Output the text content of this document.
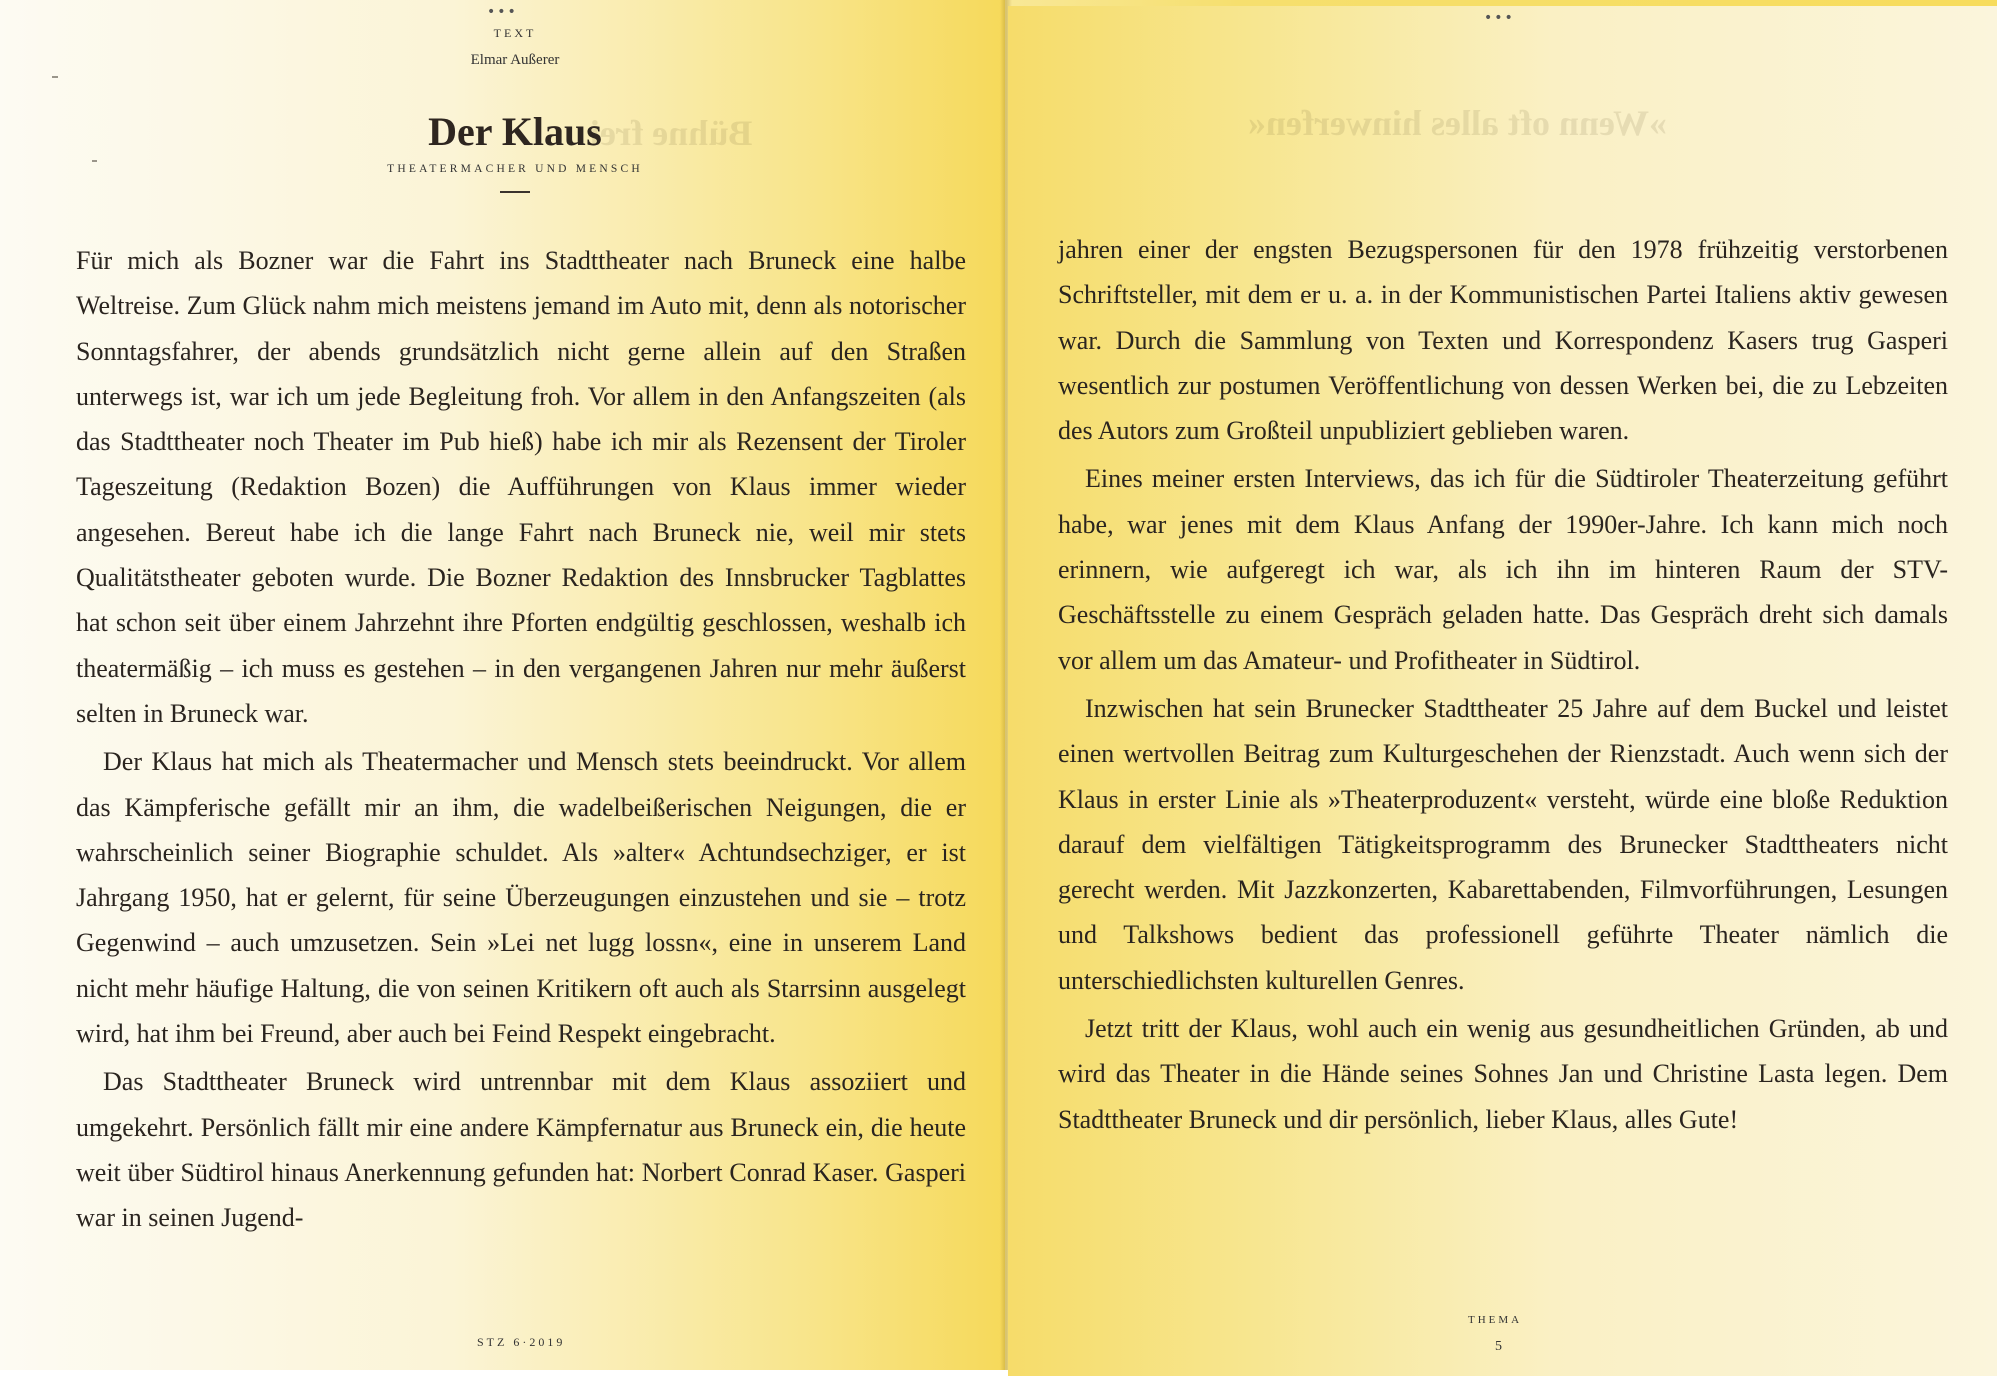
•••
TEXT
Elmar Außerer
Bühne frei
Der Klaus
THEATERMACHER UND MENSCH

Für mich als Bozner war die Fahrt ins Stadttheater nach Bruneck eine halbe Weltreise. Zum Glück nahm mich meistens jemand im Auto mit, denn als notorischer Sonntagsfahrer, der abends grundsätzlich nicht gerne allein auf den Straßen unterwegs ist, war ich um jede Begleitung froh. Vor allem in den Anfangszeiten (als das Stadttheater noch Theater im Pub hieß) habe ich mir als Rezensent der Tiroler Tageszeitung (Redaktion Bozen) die Aufführungen von Klaus immer wieder angesehen. Bereut habe ich die lange Fahrt nach Bruneck nie, weil mir stets Qualitätstheater geboten wurde. Die Bozner Redaktion des Innsbrucker Tagblattes hat schon seit über einem Jahrzehnt ihre Pforten endgültig geschlossen, weshalb ich theatermäßig – ich muss es gestehen – in den vergangenen Jahren nur mehr äußerst selten in Bruneck war.

Der Klaus hat mich als Theatermacher und Mensch stets beeindruckt. Vor allem das Kämpferische gefällt mir an ihm, die wadelbeißerischen Neigungen, die er wahrscheinlich seiner Biographie schuldet. Als »alter« Achtundsechziger, er ist Jahrgang 1950, hat er gelernt, für seine Überzeugungen einzustehen und sie – trotz Gegenwind – auch umzusetzen. Sein »Lei net lugg lossn«, eine in unserem Land nicht mehr häufige Haltung, die von seinen Kritikern oft auch als Starrsinn ausgelegt wird, hat ihm bei Freund, aber auch bei Feind Respekt eingebracht.

Das Stadttheater Bruneck wird untrennbar mit dem Klaus assoziiert und umgekehrt. Persönlich fällt mir eine andere Kämpfernatur aus Bruneck ein, die heute weit über Südtirol hinaus Anerkennung gefunden hat: Norbert Conrad Kaser. Gasperi war in seinen Jugend-

STZ 6·2019
•••
»Wenn oft alles hinwerfen«

jahren einer der engsten Bezugspersonen für den 1978 frühzeitig verstorbenen Schriftsteller, mit dem er u. a. in der Kommunistischen Partei Italiens aktiv gewesen war. Durch die Sammlung von Texten und Korrespondenz Kasers trug Gasperi wesentlich zur postumen Veröffentlichung von dessen Werken bei, die zu Lebzeiten des Autors zum Großteil unpubliziert geblieben waren.

Eines meiner ersten Interviews, das ich für die Südtiroler Theaterzeitung geführt habe, war jenes mit dem Klaus Anfang der 1990er-Jahre. Ich kann mich noch erinnern, wie aufgeregt ich war, als ich ihn im hinteren Raum der STV-Geschäftsstelle zu einem Gespräch geladen hatte. Das Gespräch dreht sich damals vor allem um das Amateur- und Profitheater in Südtirol.

Inzwischen hat sein Brunecker Stadttheater 25 Jahre auf dem Buckel und leistet einen wertvollen Beitrag zum Kulturgeschehen der Rienzstadt. Auch wenn sich der Klaus in erster Linie als »Theaterproduzent« versteht, würde eine bloße Reduktion darauf dem vielfältigen Tätigkeitsprogramm des Brunecker Stadttheaters nicht gerecht werden. Mit Jazzkonzerten, Kabarettabenden, Filmvorführungen, Lesungen und Talkshows bedient das professionell geführte Theater nämlich die unterschiedlichsten kulturellen Genres.

Jetzt tritt der Klaus, wohl auch ein wenig aus gesundheitlichen Gründen, ab und wird das Theater in die Hände seines Sohnes Jan und Christine Lasta legen. Dem Stadttheater Bruneck und dir persönlich, lieber Klaus, alles Gute!

THEMA
5
